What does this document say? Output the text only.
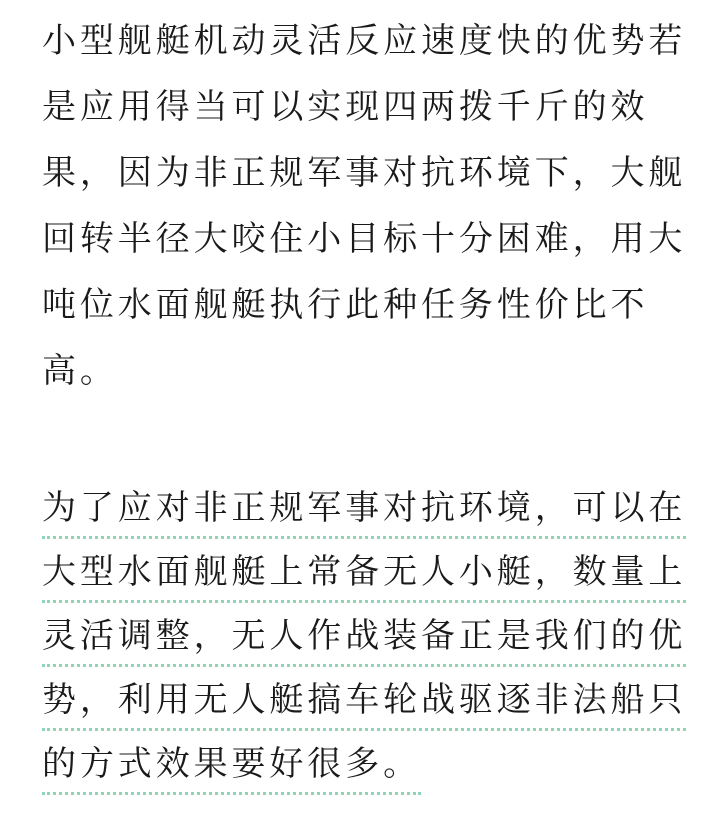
小型舰艇机动灵活反应速度快的优势若
是应用得当可以实现四两拨千斤的效
果，因为非正规军事对抗环境下，大舰
回转半径大咬住小目标十分困难，用大
吨位水面舰艇执行此种任务性价比不
高。

为了应对非正规军事对抗环境，可以在
大型水面舰艇上常备无人小艇，数量上
灵活调整，无人作战装备正是我们的优
势，利用无人艇搞车轮战驱逐非法船只
的方式效果要好很多。
